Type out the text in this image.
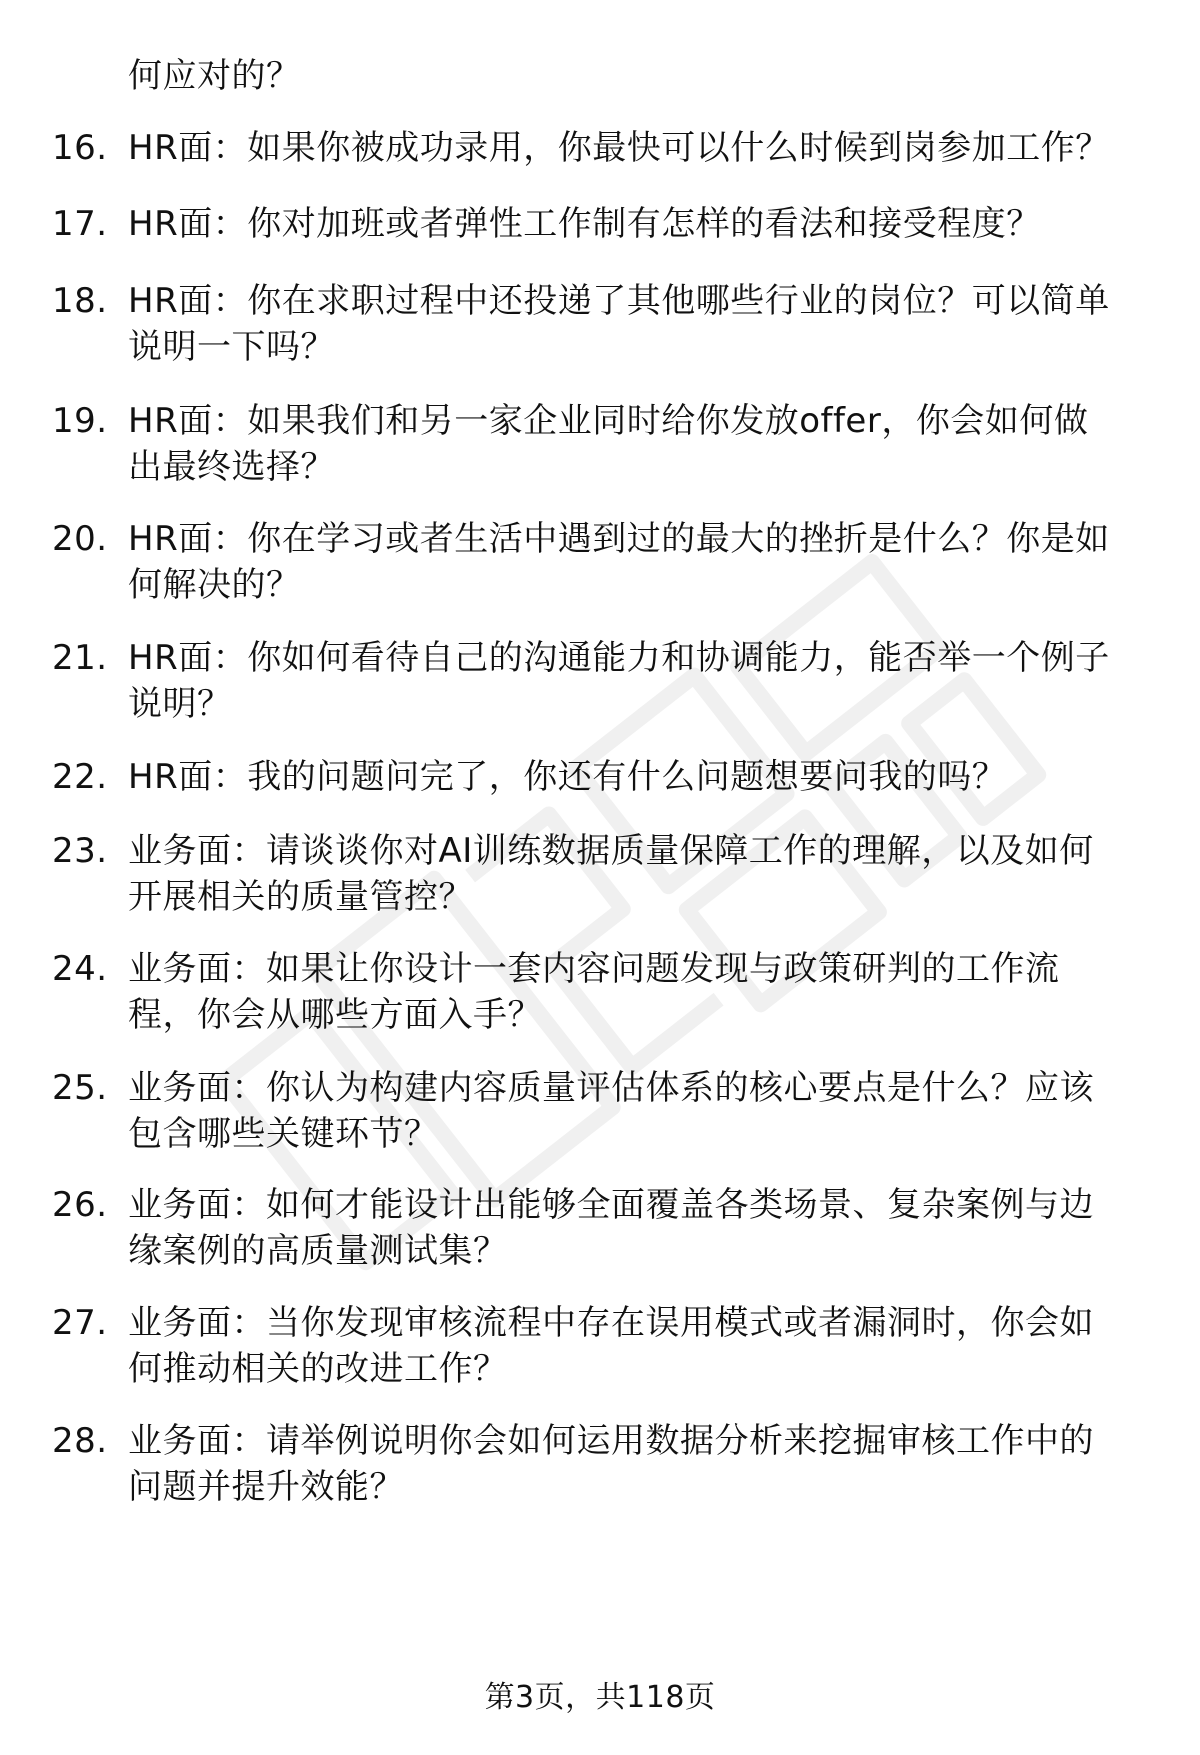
何应对的？
16. HR面：如果你被成功录用，你最快可以什么时候到岗参加工作？
17. HR面：你对加班或者弹性工作制有怎样的看法和接受程度？
18. HR面：你在求职过程中还投递了其他哪些行业的岗位？可以简单
说明一下吗？
19. HR面：如果我们和另一家企业同时给你发放offer，你会如何做
出最终选择？
20. HR面：你在学习或者生活中遇到过的最大的挫折是什么？你是如
何解决的？
21. HR面：你如何看待自己的沟通能力和协调能力，能否举一个例子
说明？
22. HR面：我的问题问完了，你还有什么问题想要问我的吗？
23. 业务面：请谈谈你对AI训练数据质量保障工作的理解，以及如何
开展相关的质量管控？
24. 业务面：如果让你设计一套内容问题发现与政策研判的工作流
程，你会从哪些方面入手？
25. 业务面：你认为构建内容质量评估体系的核心要点是什么？应该
包含哪些关键环节？
26. 业务面：如何才能设计出能够全面覆盖各类场景、复杂案例与边
缘案例的高质量测试集？
27. 业务面：当你发现审核流程中存在误用模式或者漏洞时，你会如
何推动相关的改进工作？
28. 业务面：请举例说明你会如何运用数据分析来挖掘审核工作中的
问题并提升效能？
第3页，共118页
